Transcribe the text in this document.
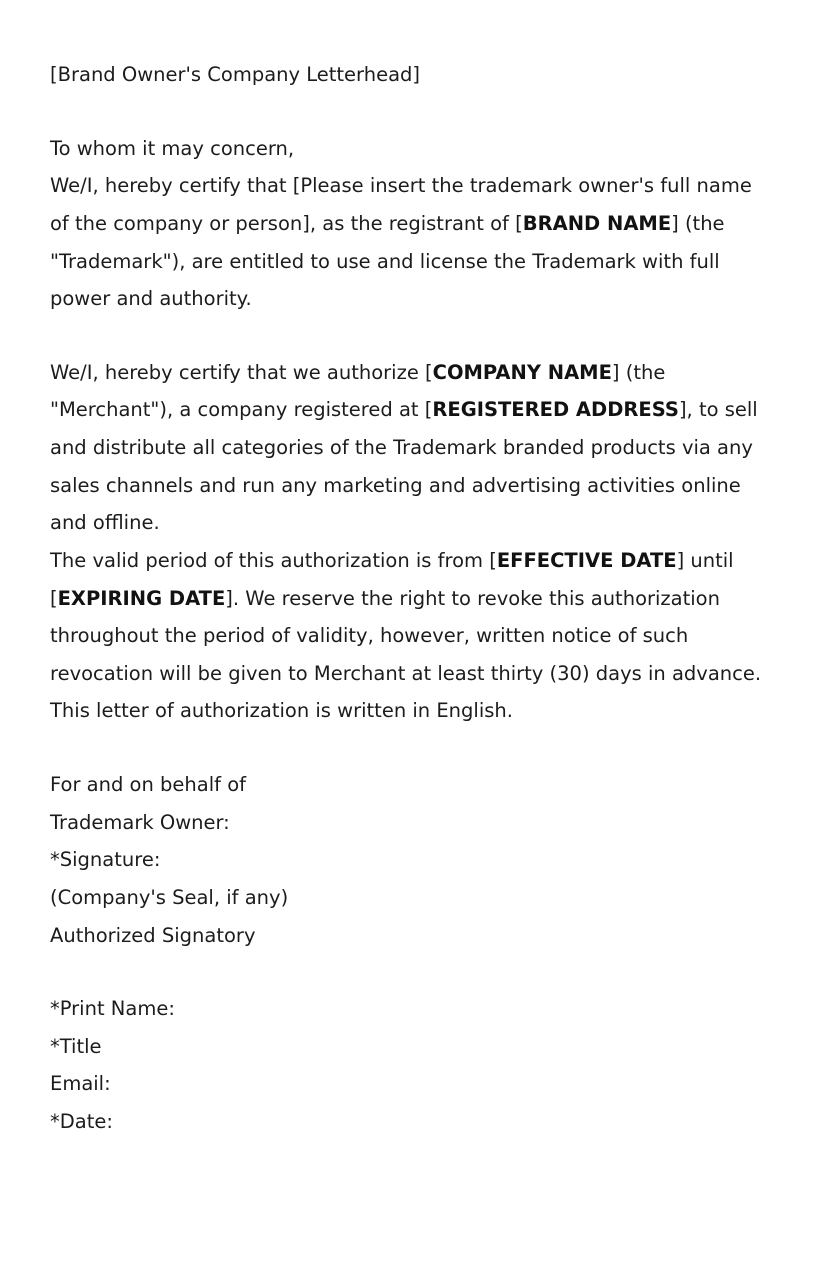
[Brand Owner's Company Letterhead]

To whom it may concern,

We/I, hereby certify that [Please insert the trademark owner's full name of the company or person], as the registrant of [BRAND NAME] (the "Trademark"), are entitled to use and license the Trademark with full power and authority.

We/I, hereby certify that we authorize [COMPANY NAME] (the "Merchant"), a company registered at [REGISTERED ADDRESS], to sell and distribute all categories of the Trademark branded products via any sales channels and run any marketing and advertising activities online and offline.

The valid period of this authorization is from [EFFECTIVE DATE] until [EXPIRING DATE]. We reserve the right to revoke this authorization throughout the period of validity, however, written notice of such revocation will be given to Merchant at least thirty (30) days in advance.

This letter of authorization is written in English.

For and on behalf of

Trademark Owner:

*Signature:

(Company's Seal, if any)

Authorized Signatory

*Print Name:

*Title

Email:

*Date:
